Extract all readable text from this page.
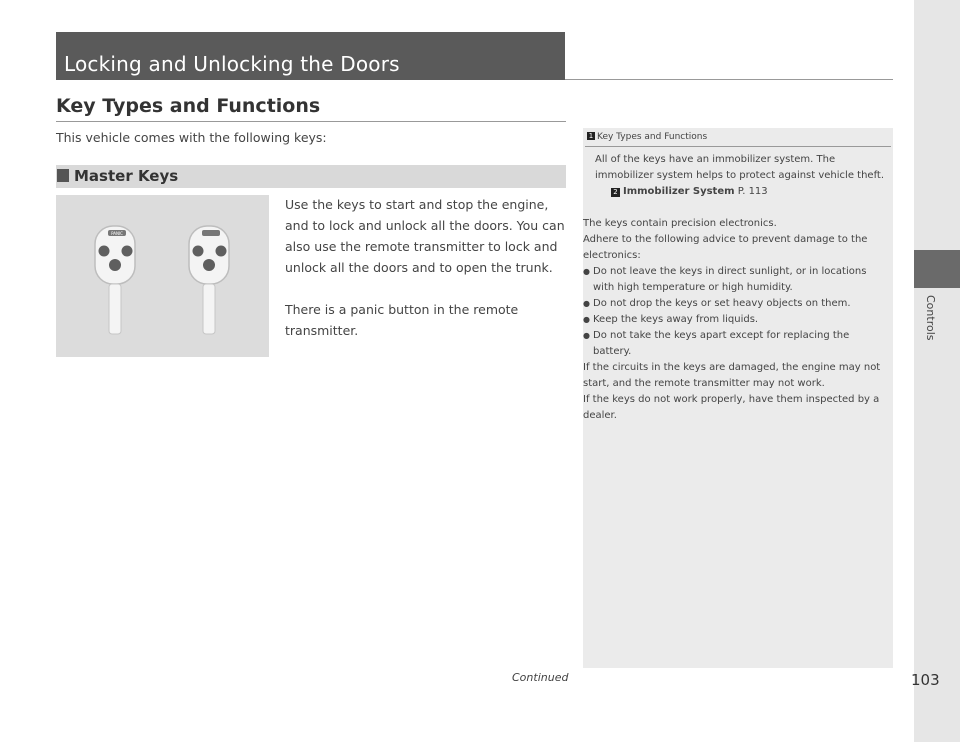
Locking and Unlocking the Doors
Key Types and Functions
This vehicle comes with the following keys:
Master Keys
PANIC

Use the keys to start and stop the engine, and to lock and unlock all the doors. You can also use the remote transmitter to lock and unlock all the doors and to open the trunk.

There is a panic button in the remote transmitter.

1 Key Types and Functions
All of the keys have an immobilizer system. The immobilizer system helps to protect against vehicle theft.
2 Immobilizer System P. 113
The keys contain precision electronics.
Adhere to the following advice to prevent damage to the electronics:
● Do not leave the keys in direct sunlight, or in locations with high temperature or high humidity.
● Do not drop the keys or set heavy objects on them.
● Keep the keys away from liquids.
● Do not take the keys apart except for replacing the battery.
If the circuits in the keys are damaged, the engine may not start, and the remote transmitter may not work.
If the keys do not work properly, have them inspected by a dealer.
Controls
Continued	103
